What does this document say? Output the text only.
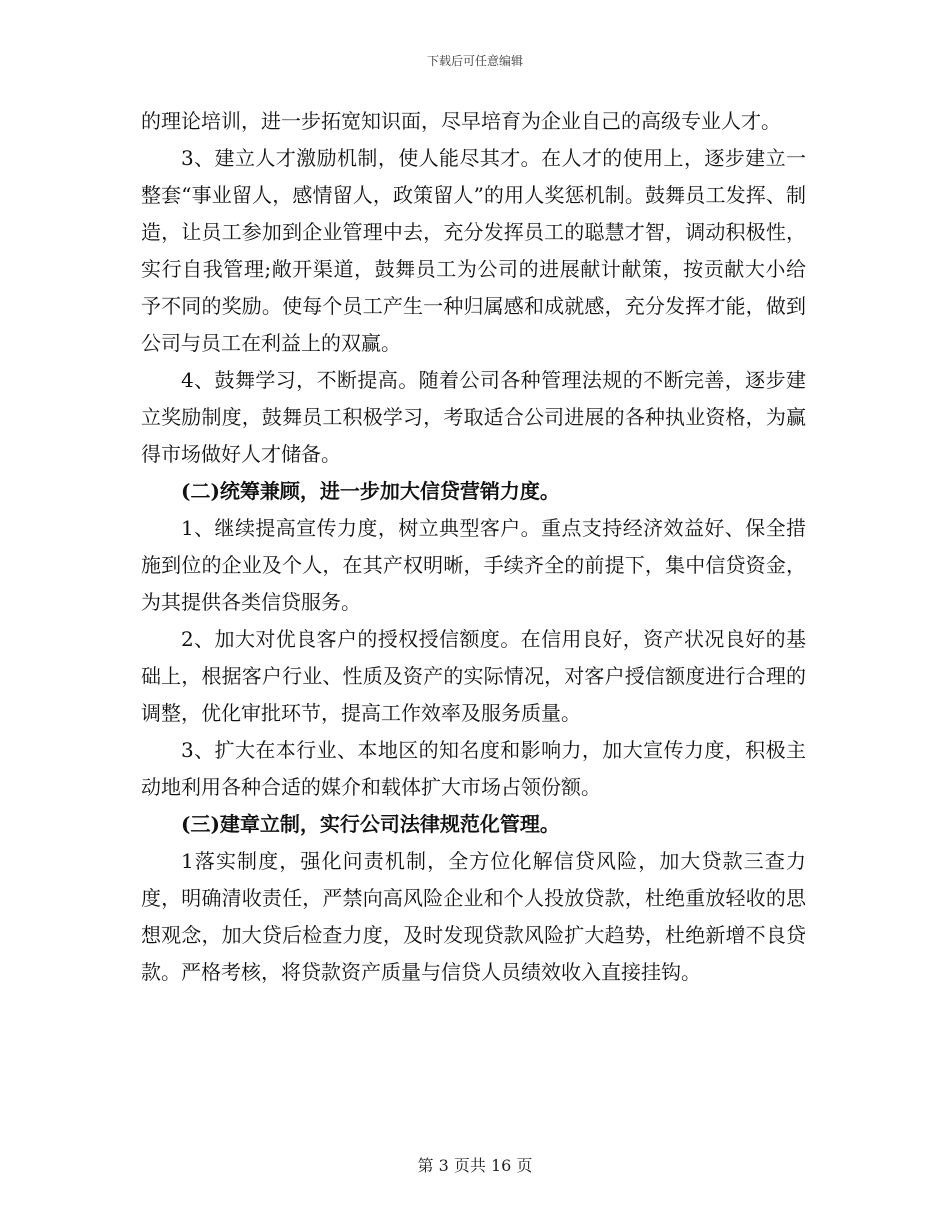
下载后可任意编辑

的理论培训，进一步拓宽知识面，尽早培育为企业自己的高级专业人才。

3、建立人才激励机制，使人能尽其才。在人才的使用上，逐步建立一整套“事业留人，感情留人，政策留人”的用人奖惩机制。鼓舞员工发挥、制造，让员工参加到企业管理中去，充分发挥员工的聪慧才智，调动积极性，实行自我管理;敞开渠道，鼓舞员工为公司的进展献计献策，按贡献大小给予不同的奖励。使每个员工产生一种归属感和成就感，充分发挥才能，做到公司与员工在利益上的双赢。

4、鼓舞学习，不断提高。随着公司各种管理法规的不断完善，逐步建立奖励制度，鼓舞员工积极学习，考取适合公司进展的各种执业资格，为赢得市场做好人才储备。

(二)统筹兼顾，进一步加大信贷营销力度。

1、继续提高宣传力度，树立典型客户。重点支持经济效益好、保全措施到位的企业及个人，在其产权明晰，手续齐全的前提下，集中信贷资金，为其提供各类信贷服务。

2、加大对优良客户的授权授信额度。在信用良好，资产状况良好的基础上，根据客户行业、性质及资产的实际情况，对客户授信额度进行合理的调整，优化审批环节，提高工作效率及服务质量。

3、扩大在本行业、本地区的知名度和影响力，加大宣传力度，积极主动地利用各种合适的媒介和载体扩大市场占领份额。

(三)建章立制，实行公司法律规范化管理。

1落实制度，强化问责机制，全方位化解信贷风险，加大贷款三查力度，明确清收责任，严禁向高风险企业和个人投放贷款，杜绝重放轻收的思想观念，加大贷后检查力度，及时发现贷款风险扩大趋势，杜绝新增不良贷款。严格考核，将贷款资产质量与信贷人员绩效收入直接挂钩。

第 3 页共 16 页
